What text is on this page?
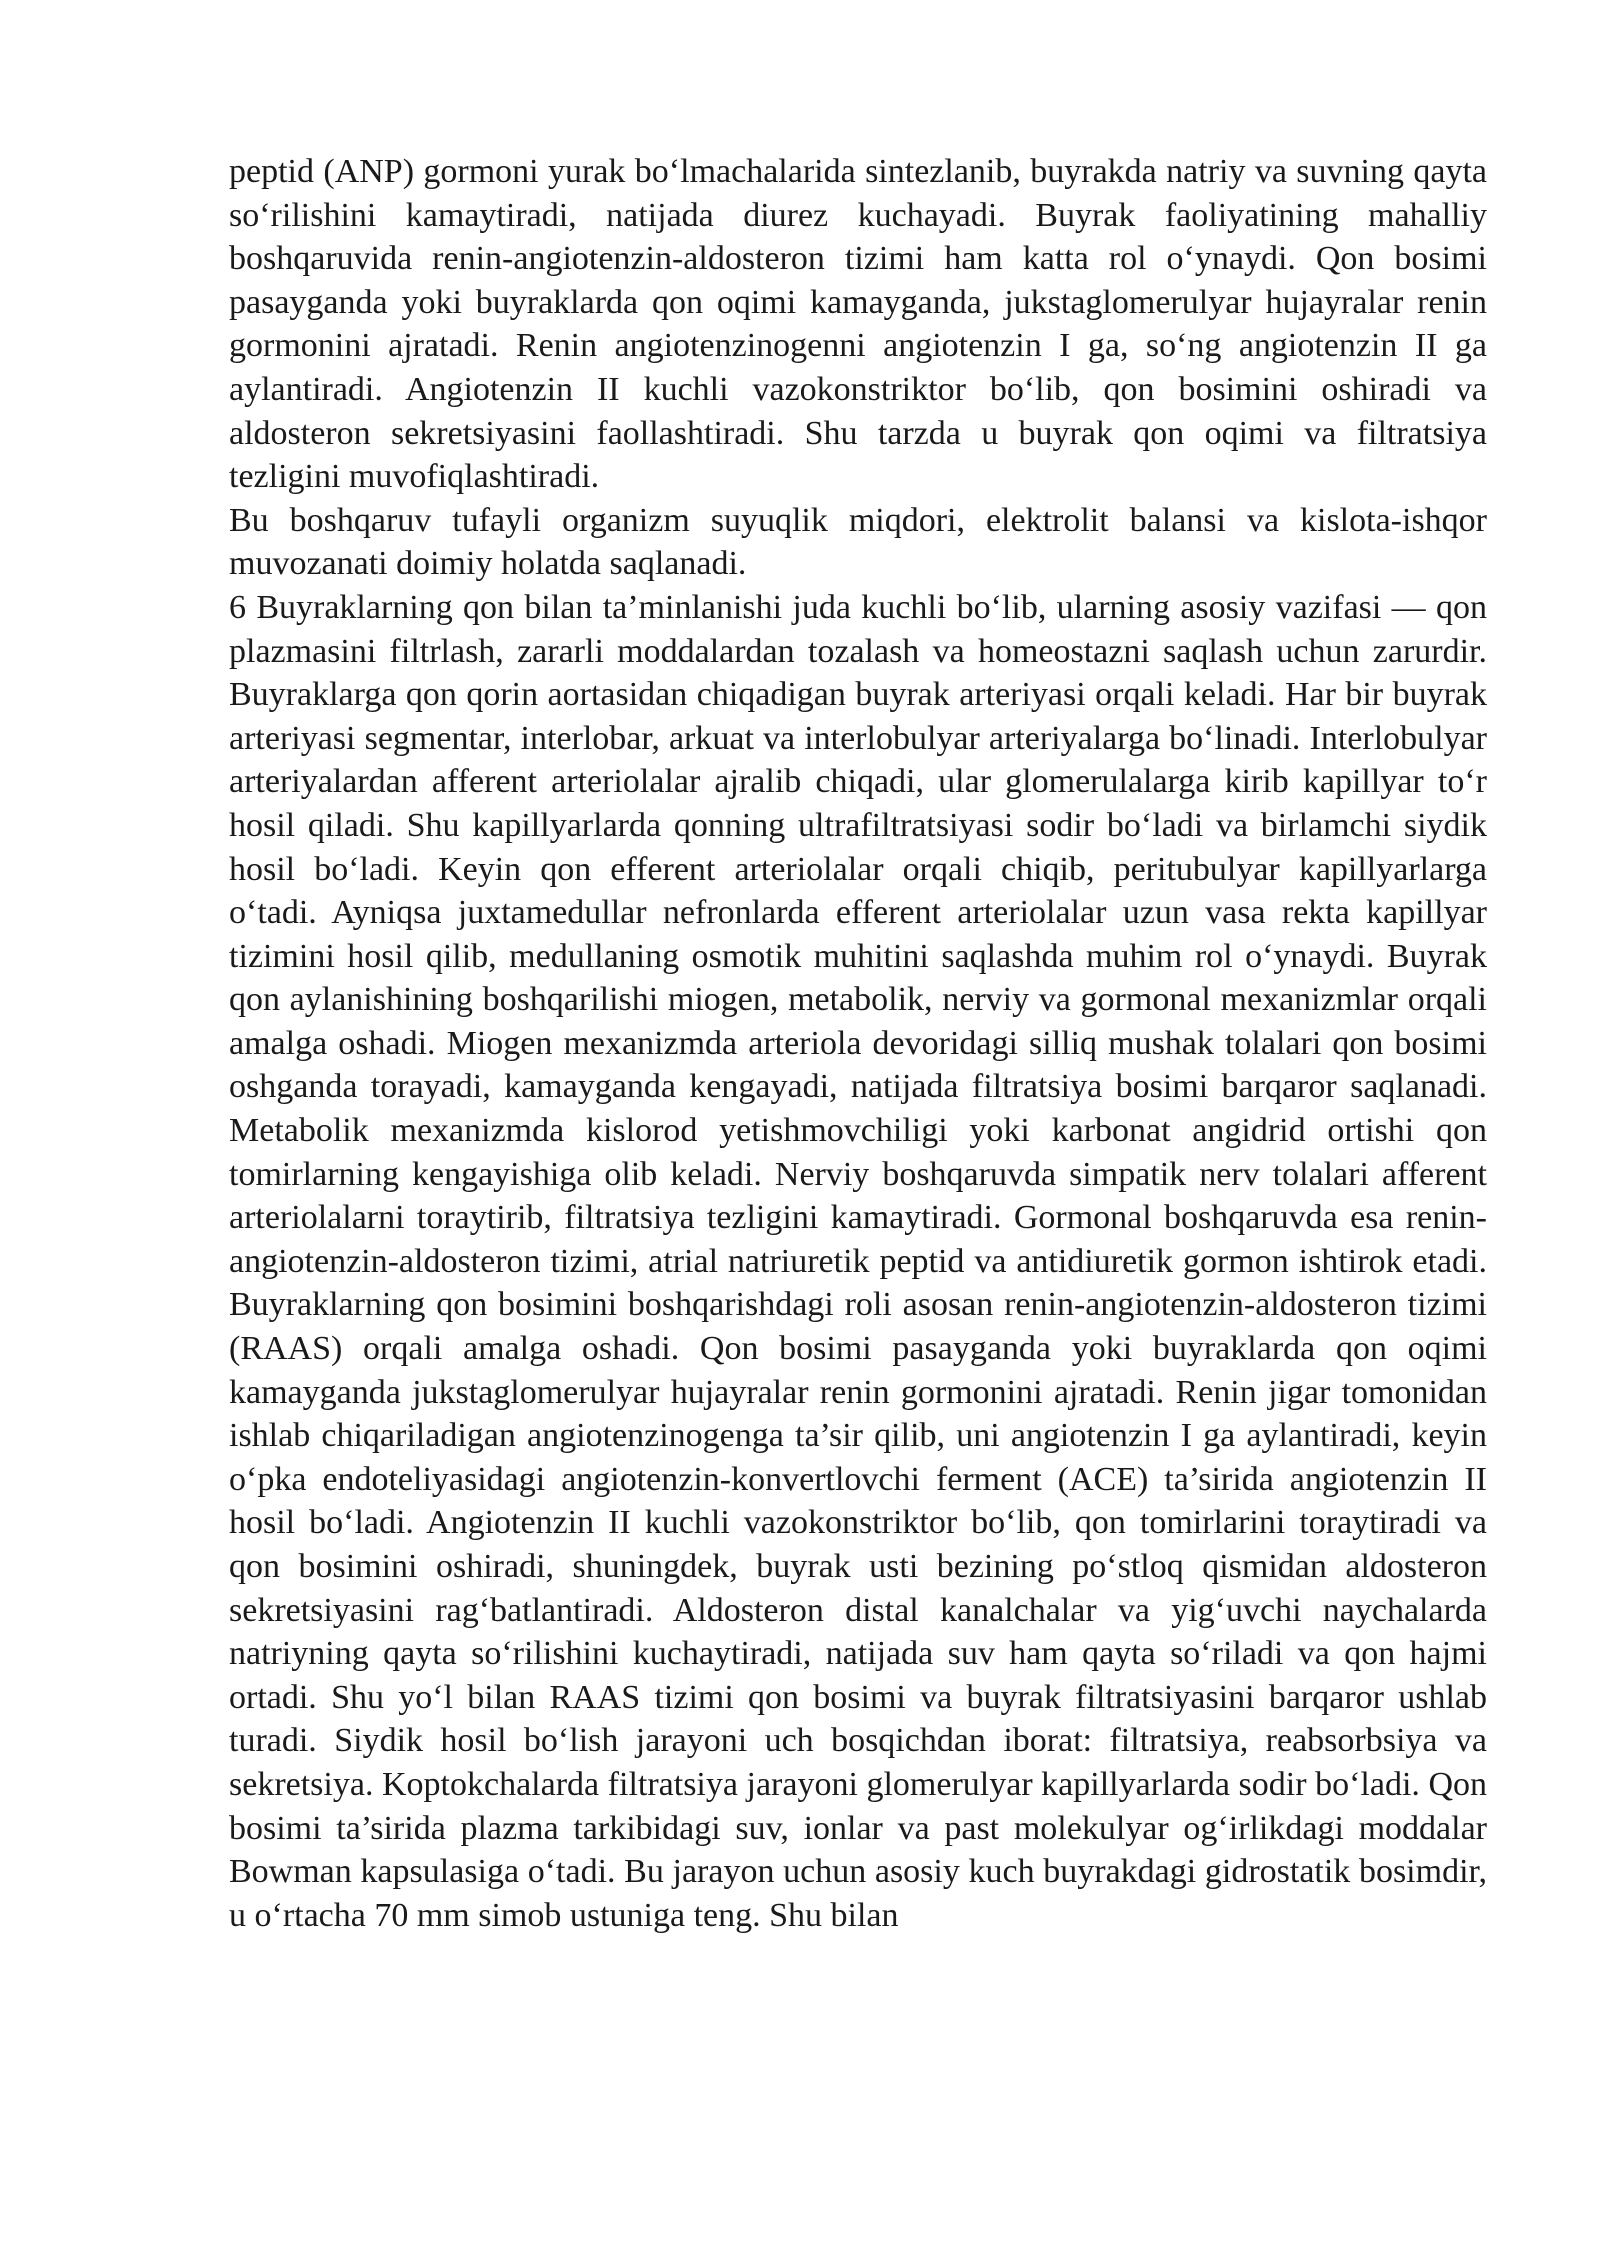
peptid (ANP) gormoni yurak bo‘lmachalarida sintezlanib, buyrakda natriy va suvning qayta so‘rilishini kamaytiradi, natijada diurez kuchayadi. Buyrak faoliyatining mahalliy boshqaruvida renin-angiotenzin-aldosteron tizimi ham katta rol o‘ynaydi. Qon bosimi pasayganda yoki buyraklarda qon oqimi kamayganda, jukstaglomerulyar hujayralar renin gormonini ajratadi. Renin angiotenzinogenni angiotenzin I ga, so‘ng angiotenzin II ga aylantiradi. Angiotenzin II kuchli vazokonstriktor bo‘lib, qon bosimini oshiradi va aldosteron sekretsiyasini faollashtiradi. Shu tarzda u buyrak qon oqimi va filtratsiya tezligini muvofiqlashtiradi.

Bu boshqaruv tufayli organizm suyuqlik miqdori, elektrolit balansi va kislota-ishqor muvozanati doimiy holatda saqlanadi.

6 Buyraklarning qon bilan ta’minlanishi juda kuchli bo‘lib, ularning asosiy vazifasi — qon plazmasini filtrlash, zararli moddalardan tozalash va homeostazni saqlash uchun zarurdir. Buyraklarga qon qorin aortasidan chiqadigan buyrak arteriyasi orqali keladi. Har bir buyrak arteriyasi segmentar, interlobar, arkuat va interlobulyar arteriyalarga bo‘linadi. Interlobulyar arteriyalardan afferent arteriolalar ajralib chiqadi, ular glomerulalarga kirib kapillyar to‘r hosil qiladi. Shu kapillyarlarda qonning ultrafiltratsiyasi sodir bo‘ladi va birlamchi siydik hosil bo‘ladi. Keyin qon efferent arteriolalar orqali chiqib, peritubulyar kapillyarlarga o‘tadi. Ayniqsa juxtamedullar nefronlarda efferent arteriolalar uzun vasa rekta kapillyar tizimini hosil qilib, medullaning osmotik muhitini saqlashda muhim rol o‘ynaydi. Buyrak qon aylanishining boshqarilishi miogen, metabolik, nerviy va gormonal mexanizmlar orqali amalga oshadi. Miogen mexanizmda arteriola devoridagi silliq mushak tolalari qon bosimi oshganda torayadi, kamayganda kengayadi, natijada filtratsiya bosimi barqaror saqlanadi. Metabolik mexanizmda kislorod yetishmovchiligi yoki karbonat angidrid ortishi qon tomirlarning kengayishiga olib keladi. Nerviy boshqaruvda simpatik nerv tolalari afferent arteriolalarni toraytirib, filtratsiya tezligini kamaytiradi. Gormonal boshqaruvda esa renin-angiotenzin-aldosteron tizimi, atrial natriuretik peptid va antidiuretik gormon ishtirok etadi. Buyraklarning qon bosimini boshqarishdagi roli asosan renin-angiotenzin-aldosteron tizimi (RAAS) orqali amalga oshadi. Qon bosimi pasayganda yoki buyraklarda qon oqimi kamayganda jukstaglomerulyar hujayralar renin gormonini ajratadi. Renin jigar tomonidan ishlab chiqariladigan angiotenzinogenga ta’sir qilib, uni angiotenzin I ga aylantiradi, keyin o‘pka endoteliyasidagi angiotenzin-konvertlovchi ferment (ACE) ta’sirida angiotenzin II hosil bo‘ladi. Angiotenzin II kuchli vazokonstriktor bo‘lib, qon tomirlarini toraytiradi va qon bosimini oshiradi, shuningdek, buyrak usti bezining po‘stloq qismidan aldosteron sekretsiyasini rag‘batlantiradi. Aldosteron distal kanalchalar va yig‘uvchi naychalarda natriyning qayta so‘rilishini kuchaytiradi, natijada suv ham qayta so‘riladi va qon hajmi ortadi. Shu yo‘l bilan RAAS tizimi qon bosimi va buyrak filtratsiyasini barqaror ushlab turadi. Siydik hosil bo‘lish jarayoni uch bosqichdan iborat: filtratsiya, reabsorbsiya va sekretsiya. Koptokchalarda filtratsiya jarayoni glomerulyar kapillyarlarda sodir bo‘ladi. Qon bosimi ta’sirida plazma tarkibidagi suv, ionlar va past molekulyar og‘irlikdagi moddalar Bowman kapsulasiga o‘tadi. Bu jarayon uchun asosiy kuch buyrakdagi gidrostatik bosimdir, u o‘rtacha 70 mm simob ustuniga teng. Shu bilan
